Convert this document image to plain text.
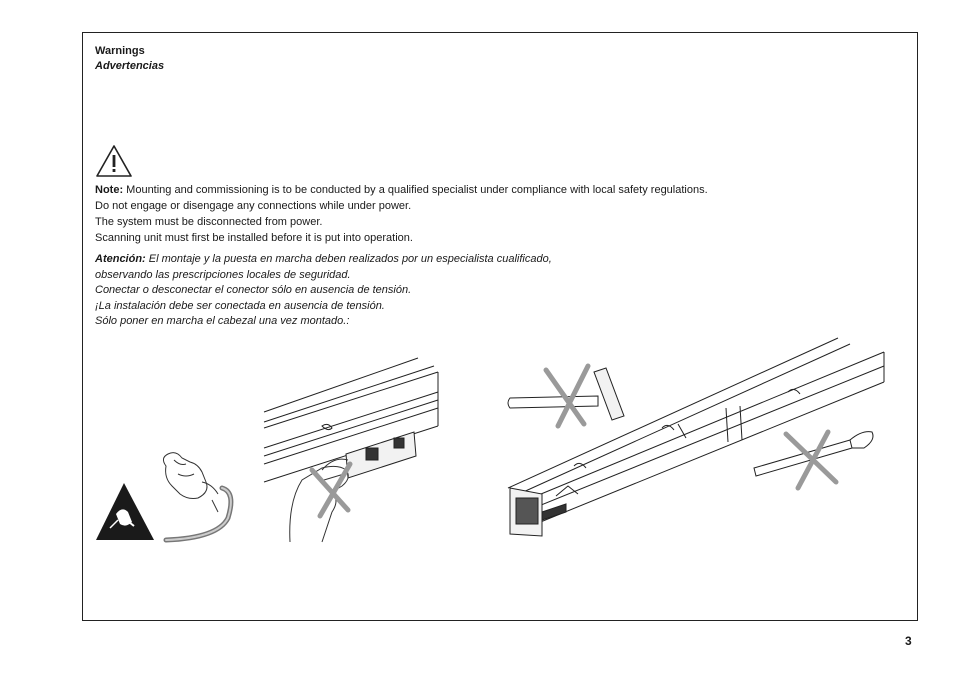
Warnings
Advertencias
Note: Mounting and commissioning is to be conducted by a qualified specialist under compliance with local safety regulations.
Do not engage or disengage any connections while under power.
The system must be disconnected from power.
Scanning unit must first be installed before it is put into operation.
Atención: El montaje y la puesta en marcha deben realizados por un especialista cualificado,
observando las prescripciones locales de seguridad.
Conectar o desconectar el conector sólo en ausencia de tensión.
¡La instalación debe ser conectada en ausencia de tensión.
Sólo poner en marcha el cabezal una vez montado.:
3
